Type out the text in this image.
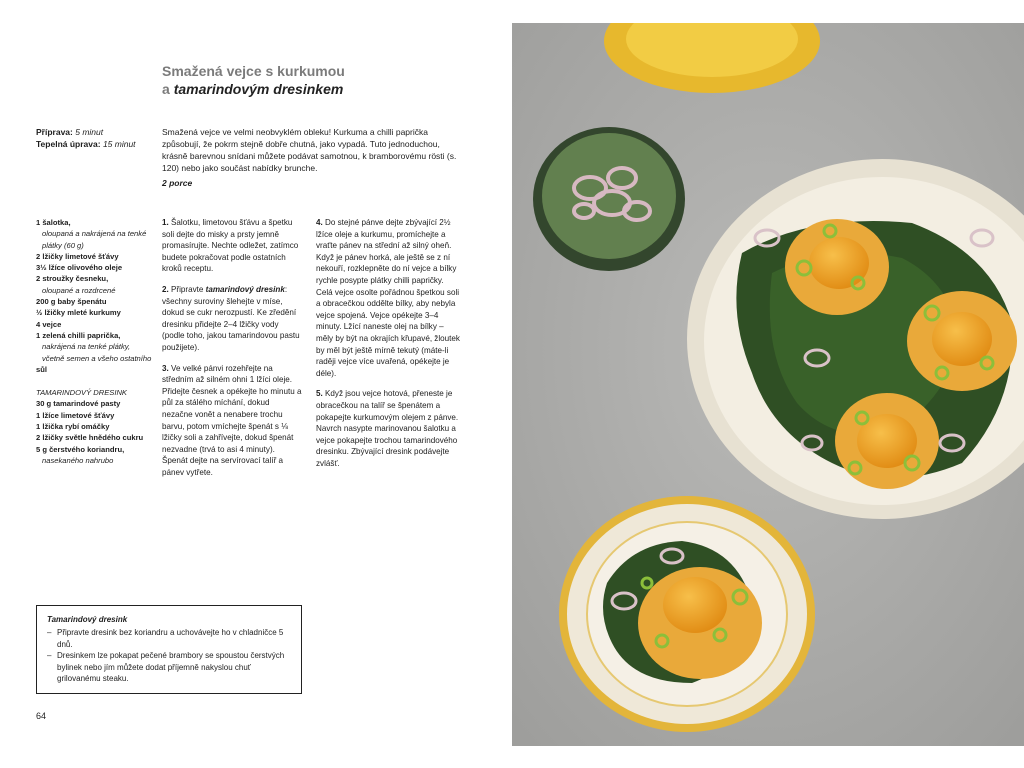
Smažená vejce s kurkumou
a tamarindovým dresinkem
Příprava: 5 minut
Tepelná úprava: 15 minut

Smažená vejce ve velmi neobvyklém obleku! Kurkuma a chilli paprička způsobují, že pokrm stejně dobře chutná, jako vypadá. Tuto jednoduchou, krásně barevnou snídani můžete podávat samotnou, k bramborovému rösti (s. 120) nebo jako součást nabídky brunche.

2 porce
1 šalotka,
oloupaná a nakrájená na tenké plátky (60 g)
2 lžičky limetové šťávy
3½ lžíce olivového oleje
2 stroužky česneku,
oloupané a rozdrcené
200 g baby špenátu
½ lžičky mleté kurkumy
4 vejce
1 zelená chilli paprička,
nakrájená na tenké plátky, včetně semen a všeho ostatního
sůl
TAMARINDOVÝ DRESINK
30 g tamarindové pasty
1 lžíce limetové šťávy
1 lžička rybí omáčky
2 lžičky světle hnědého cukru
5 g čerstvého koriandru,
nasekaného nahrubo

1. Šalotku, limetovou šťávu a špetku soli dejte do misky a prsty jemně promasírujte. Nechte odležet, zatímco budete pokračovat podle ostatních kroků receptu.

2. Připravte tamarindový dresink: všechny suroviny šlehejte v míse, dokud se cukr nerozpustí. Ke zředění dresinku přidejte 2–4 lžičky vody (podle toho, jakou tamarindovou pastu použijete).

3. Ve velké pánvi rozehřejte na středním až silném ohni 1 lžíci oleje. Přidejte česnek a opékejte ho minutu a půl za stálého míchání, dokud nezačne vonět a nenabere trochu barvu, potom vmíchejte špenát s ⅛ lžičky soli a zahřívejte, dokud špenát nezvadne (trvá to asi 4 minuty). Špenát dejte na servírovací talíř a pánev vytřete.

4. Do stejné pánve dejte zbývající 2½ lžíce oleje a kurkumu, promíchejte a vraťte pánev na střední až silný oheň. Když je pánev horká, ale ještě se z ní nekouří, rozklepněte do ní vejce a bílky rychle posypte plátky chilli papričky. Celá vejce osolte pořádnou špetkou soli a obracečkou oddělte bílky, aby nebyla vejce spojená. Vejce opékejte 3–4 minuty. Lžící naneste olej na bílky – měly by být na okrajích křupavé, žloutek by měl být ještě mírně tekutý (máte-li raději vejce více uvařená, opékejte je déle).

5. Když jsou vejce hotová, přeneste je obracečkou na talíř se špenátem a pokapejte kurkumovým olejem z pánve. Navrch nasypte marinovanou šalotku a vejce pokapejte trochou tamarindového dresinku. Zbývající dresink podávejte zvlášť.

Tamarindový dresink
– Připravte dresink bez koriandru a uchovávejte ho v chladničce 5 dnů.
– Dresinkem lze pokapat pečené brambory se spoustou čerstvých bylinek nebo jím můžete dodat příjemně nakyslou chuť grilovanému steaku.
64
